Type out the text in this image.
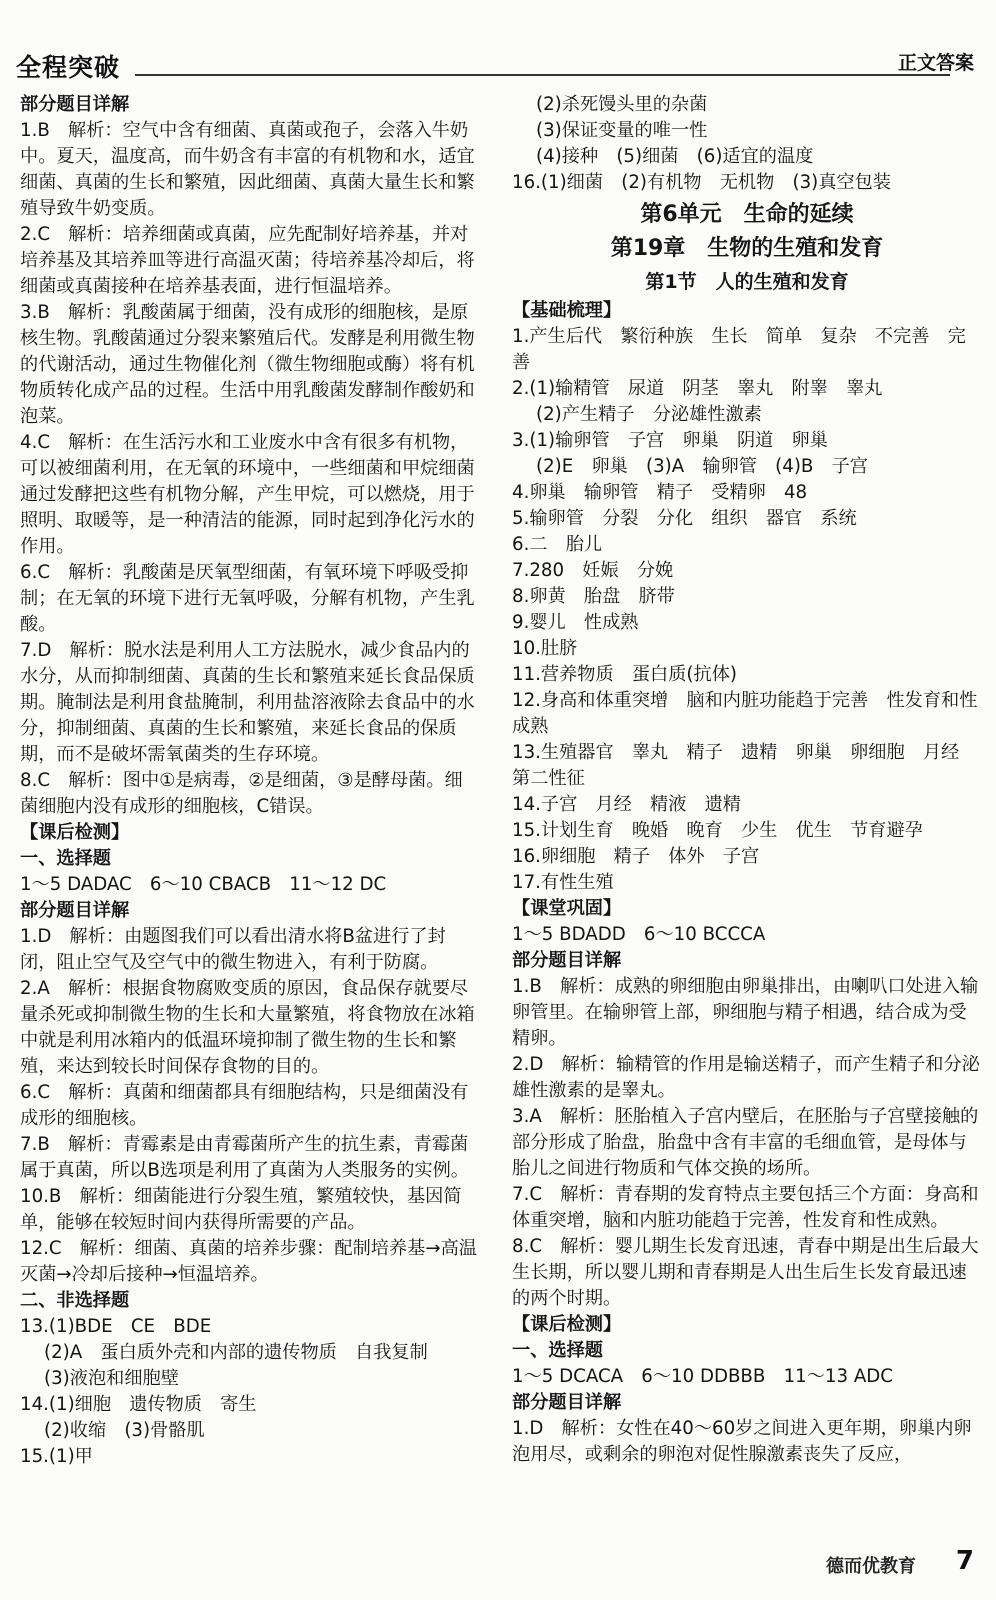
全程突破	正文答案
部分题目详解
1.B　解析：空气中含有细菌、真菌或孢子，会落入牛奶中。夏天，温度高，而牛奶含有丰富的有机物和水，适宜细菌、真菌的生长和繁殖，因此细菌、真菌大量生长和繁殖导致牛奶变质。
2.C　解析：培养细菌或真菌，应先配制好培养基，并对培养基及其培养皿等进行高温灭菌；待培养基冷却后，将细菌或真菌接种在培养基表面，进行恒温培养。
3.B　解析：乳酸菌属于细菌，没有成形的细胞核，是原核生物。乳酸菌通过分裂来繁殖后代。发酵是利用微生物的代谢活动，通过生物催化剂（微生物细胞或酶）将有机物质转化成产品的过程。生活中用乳酸菌发酵制作酸奶和泡菜。
4.C　解析：在生活污水和工业废水中含有很多有机物，可以被细菌利用，在无氧的环境中，一些细菌和甲烷细菌通过发酵把这些有机物分解，产生甲烷，可以燃烧，用于照明、取暖等，是一种清洁的能源，同时起到净化污水的作用。
6.C　解析：乳酸菌是厌氧型细菌，有氧环境下呼吸受抑制；在无氧的环境下进行无氧呼吸，分解有机物，产生乳酸。
7.D　解析：脱水法是利用人工方法脱水，减少食品内的水分，从而抑制细菌、真菌的生长和繁殖来延长食品保质期。腌制法是利用食盐腌制，利用盐溶液除去食品中的水分，抑制细菌、真菌的生长和繁殖，来延长食品的保质期，而不是破坏需氧菌类的生存环境。
8.C　解析：图中①是病毒，②是细菌，③是酵母菌。细菌细胞内没有成形的细胞核，C错误。
【课后检测】
一、选择题
1～5 DADAC　6～10 CBACB　11～12 DC
部分题目详解
1.D　解析：由题图我们可以看出清水将B盆进行了封闭，阻止空气及空气中的微生物进入，有利于防腐。
2.A　解析：根据食物腐败变质的原因，食品保存就要尽量杀死或抑制微生物的生长和大量繁殖，将食物放在冰箱中就是利用冰箱内的低温环境抑制了微生物的生长和繁殖，来达到较长时间保存食物的目的。
6.C　解析：真菌和细菌都具有细胞结构，只是细菌没有成形的细胞核。
7.B　解析：青霉素是由青霉菌所产生的抗生素，青霉菌属于真菌，所以B选项是利用了真菌为人类服务的实例。
10.B　解析：细菌能进行分裂生殖，繁殖较快，基因简单，能够在较短时间内获得所需要的产品。
12.C　解析：细菌、真菌的培养步骤：配制培养基→高温灭菌→冷却后接种→恒温培养。
二、非选择题
13.(1)BDE　CE　BDE
(2)A　蛋白质外壳和内部的遗传物质　自我复制
(3)液泡和细胞壁
14.(1)细胞　遗传物质　寄生
(2)收缩　(3)骨骼肌
15.(1)甲
(2)杀死馒头里的杂菌
(3)保证变量的唯一性
(4)接种　(5)细菌　(6)适宜的温度
16.(1)细菌　(2)有机物　无机物　(3)真空包装
第6单元　生命的延续
第19章　生物的生殖和发育
第1节　人的生殖和发育
【基础梳理】
1.产生后代　繁衍种族　生长　简单　复杂　不完善　完善
2.(1)输精管　尿道　阴茎　睾丸　附睾　睾丸
(2)产生精子　分泌雄性激素
3.(1)输卵管　子宫　卵巢　阴道　卵巢
(2)E　卵巢　(3)A　输卵管　(4)B　子宫
4.卵巢　输卵管　精子　受精卵　48
5.输卵管　分裂　分化　组织　器官　系统
6.二　胎儿
7.280　妊娠　分娩
8.卵黄　胎盘　脐带
9.婴儿　性成熟
10.肚脐
11.营养物质　蛋白质(抗体)
12.身高和体重突增　脑和内脏功能趋于完善　性发育和性成熟
13.生殖器官　睾丸　精子　遗精　卵巢　卵细胞　月经　第二性征
14.子宫　月经　精液　遗精
15.计划生育　晚婚　晚育　少生　优生　节育避孕
16.卵细胞　精子　体外　子宫
17.有性生殖
【课堂巩固】
1～5 BDADD　6～10 BCCCA
部分题目详解
1.B　解析：成熟的卵细胞由卵巢排出，由喇叭口处进入输卵管里。在输卵管上部，卵细胞与精子相遇，结合成为受精卵。
2.D　解析：输精管的作用是输送精子，而产生精子和分泌雄性激素的是睾丸。
3.A　解析：胚胎植入子宫内壁后，在胚胎与子宫壁接触的部分形成了胎盘，胎盘中含有丰富的毛细血管，是母体与胎儿之间进行物质和气体交换的场所。
7.C　解析：青春期的发育特点主要包括三个方面：身高和体重突增，脑和内脏功能趋于完善，性发育和性成熟。
8.C　解析：婴儿期生长发育迅速，青春中期是出生后最大生长期，所以婴儿期和青春期是人出生后生长发育最迅速的两个时期。
【课后检测】
一、选择题
1～5 DCACA　6～10 DDBBB　11～13 ADC
部分题目详解
1.D　解析：女性在40～60岁之间进入更年期，卵巢内卵泡用尽，或剩余的卵泡对促性腺激素丧失了反应，
德而优教育 7
